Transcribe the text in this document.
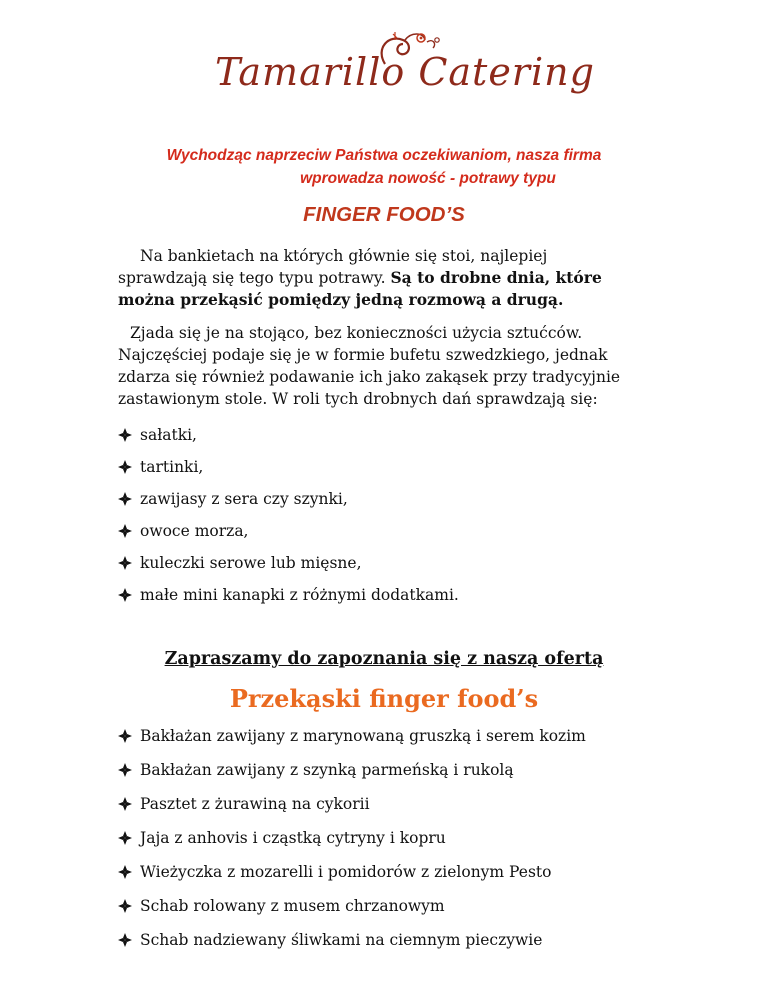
Tamarillo Catering
Wychodząc naprzeciw Państwa oczekiwaniom, nasza firma
wprowadza nowość - potrawy typu
FINGER FOOD’S
Na bankietach na których głównie się stoi, najlepiej
sprawdzają się tego typu potrawy. Są to drobne dnia, które
można przekąsić pomiędzy jedną rozmową a drugą.
Zjada się je na stojąco, bez konieczności użycia sztućców.
Najczęściej podaje się je w formie bufetu szwedzkiego, jednak
zdarza się również podawanie ich jako zakąsek przy tradycyjnie
zastawionym stole. W roli tych drobnych dań sprawdzają się:
sałatki,
tartinki,
zawijasy z sera czy szynki,
owoce morza,
kuleczki serowe lub mięsne,
małe mini kanapki z różnymi dodatkami.
Zapraszamy do zapoznania się z naszą ofertą
Przekąski finger food’s
Bakłażan zawijany z marynowaną gruszką i serem kozim
Bakłażan zawijany z szynką parmeńską i rukolą
Pasztet z żurawiną na cykorii
Jaja z anhovis i cząstką cytryny i kopru
Wieżyczka z mozarelli i pomidorów z zielonym Pesto
Schab rolowany z musem chrzanowym
Schab nadziewany śliwkami na ciemnym pieczywie
